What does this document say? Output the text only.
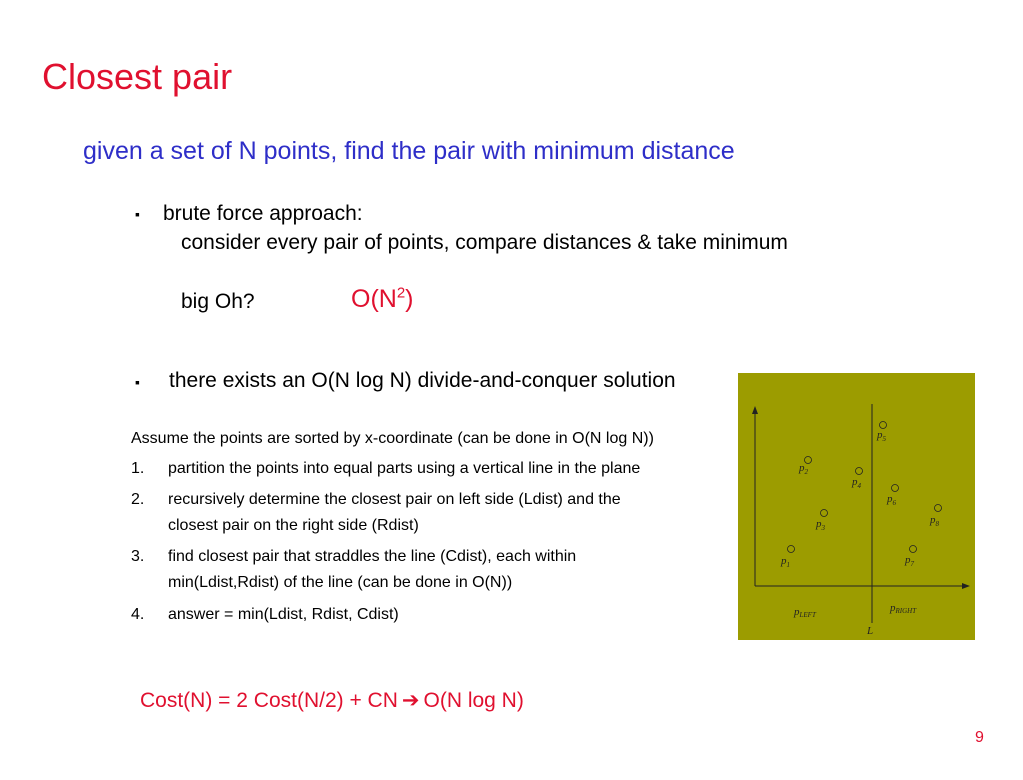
Closest pair
given a set of N points, find the pair with minimum distance
▪ brute force approach:
consider every pair of points, compare distances & take minimum
big Oh?	$O(N^2)$
▪ there exists an O(N log N) divide-and-conquer solution
Assume the points are sorted by x-coordinate (can be done in O(N log N))
1. partition the points into equal parts using a vertical line in the plane
2. recursively determine the closest pair on left side (Ldist) and the
closest pair on the right side (Rdist)
3. find closest pair that straddles the line (Cdist), each within
min(Ldist,Rdist) of the line (can be done in O(N))
4. answer = min(Ldist, Rdist, Cdist)
Cost(N) = 2 Cost(N/2) + CN ➔ O(N log N)
9
$p_1$
$p_2$
$p_3$
$p_4$
$p_5$
$p_6$
$p_7$
$p_8$
pLEFT
pRIGHT
L
